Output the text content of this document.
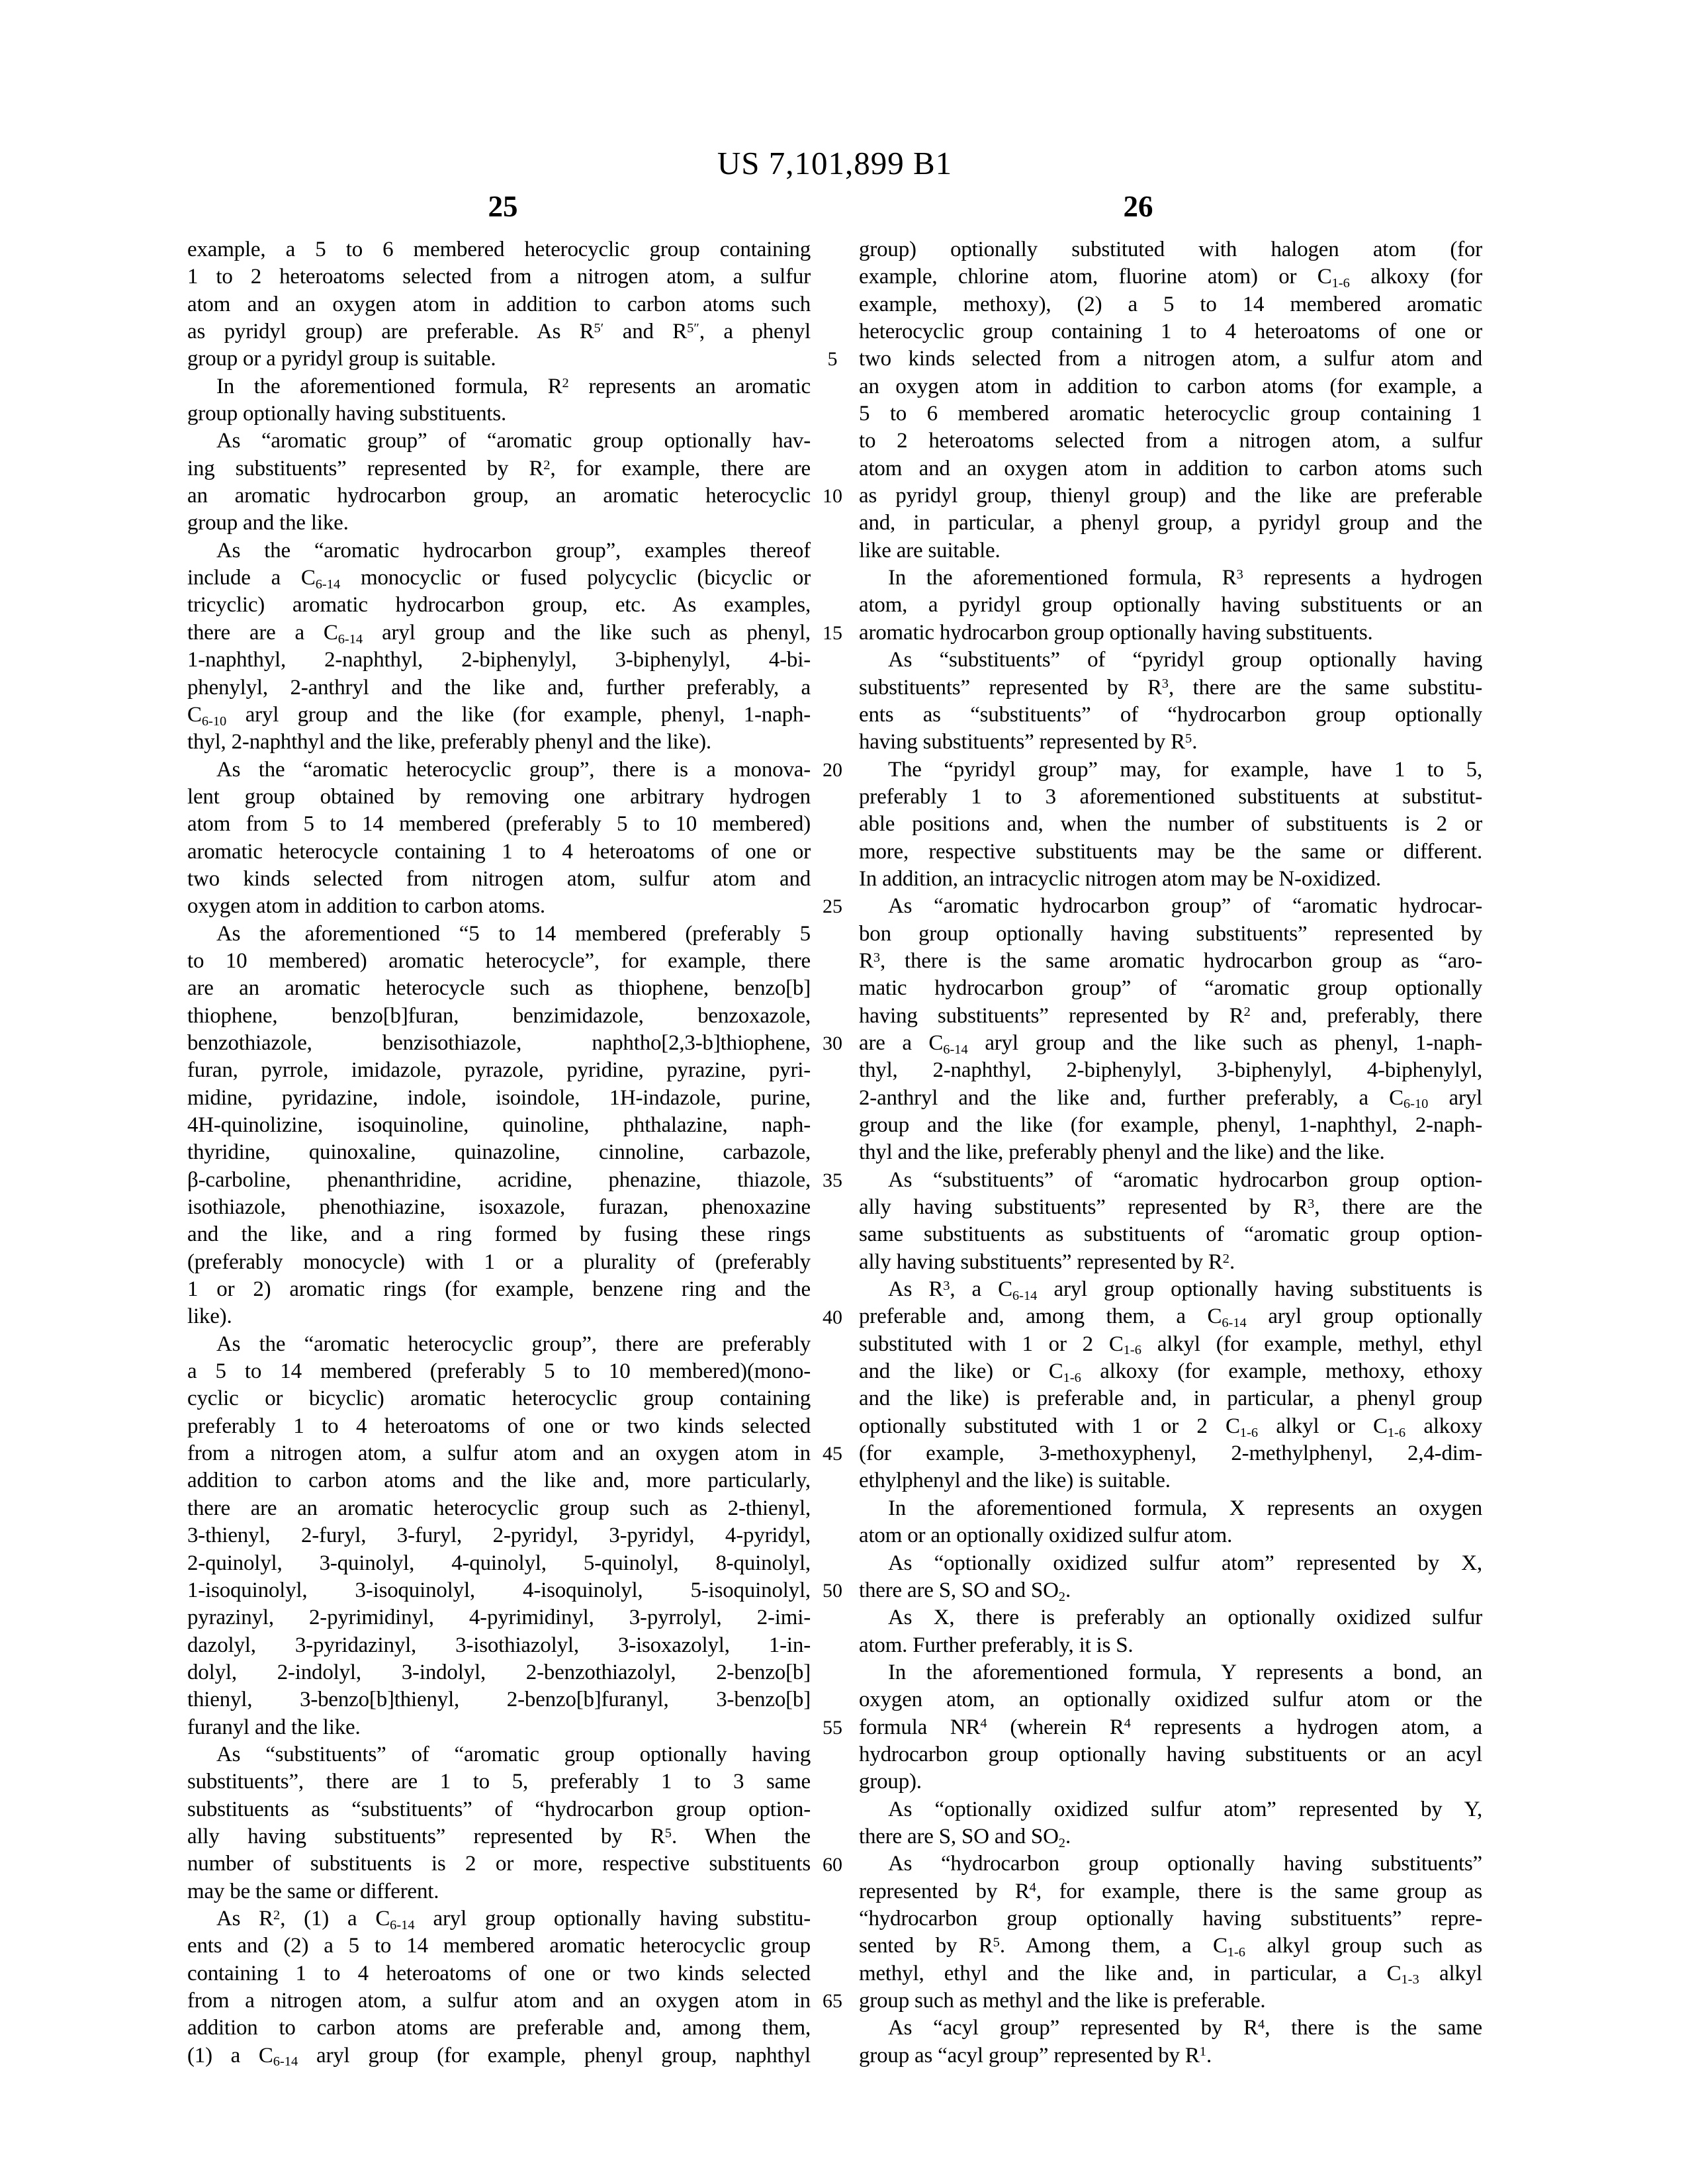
US 7,101,899 B1
25	26
example, a 5 to 6 membered heterocyclic group containing
1 to 2 heteroatoms selected from a nitrogen atom, a sulfur
atom and an oxygen atom in addition to carbon atoms such
as pyridyl group) are preferable. As $R^{5'}$ and $R^{5''}$, a phenyl
group or a pyridyl group is suitable.
In the aforementioned formula, $R^2$ represents an aromatic
group optionally having substituents.
As “aromatic group” of “aromatic group optionally hav-
ing substituents” represented by $R^2$, for example, there are
an aromatic hydrocarbon group, an aromatic heterocyclic
group and the like.
As the “aromatic hydrocarbon group”, examples thereof
include a $C_{6-14}$ monocyclic or fused polycyclic (bicyclic or
tricyclic) aromatic hydrocarbon group, etc. As examples,
there are a $C_{6-14}$ aryl group and the like such as phenyl,
1-naphthyl, 2-naphthyl, 2-biphenylyl, 3-biphenylyl, 4-bi-
phenylyl, 2-anthryl and the like and, further preferably, a
$C_{6-10}$ aryl group and the like (for example, phenyl, 1-naph-
thyl, 2-naphthyl and the like, preferably phenyl and the like).
As the “aromatic heterocyclic group”, there is a monova-
lent group obtained by removing one arbitrary hydrogen
atom from 5 to 14 membered (preferably 5 to 10 membered)
aromatic heterocycle containing 1 to 4 heteroatoms of one or
two kinds selected from nitrogen atom, sulfur atom and
oxygen atom in addition to carbon atoms.
As the aforementioned “5 to 14 membered (preferably 5
to 10 membered) aromatic heterocycle”, for example, there
are an aromatic heterocycle such as thiophene, benzo[b]
thiophene, benzo[b]furan, benzimidazole, benzoxazole,
benzothiazole, benzisothiazole, naphtho[2,3-b]thiophene,
furan, pyrrole, imidazole, pyrazole, pyridine, pyrazine, pyri-
midine, pyridazine, indole, isoindole, 1H-indazole, purine,
4H-quinolizine, isoquinoline, quinoline, phthalazine, naph-
thyridine, quinoxaline, quinazoline, cinnoline, carbazole,
β-carboline, phenanthridine, acridine, phenazine, thiazole,
isothiazole, phenothiazine, isoxazole, furazan, phenoxazine
and the like, and a ring formed by fusing these rings
(preferably monocycle) with 1 or a plurality of (preferably
1 or 2) aromatic rings (for example, benzene ring and the
like).
As the “aromatic heterocyclic group”, there are preferably
a 5 to 14 membered (preferably 5 to 10 membered)(mono-
cyclic or bicyclic) aromatic heterocyclic group containing
preferably 1 to 4 heteroatoms of one or two kinds selected
from a nitrogen atom, a sulfur atom and an oxygen atom in
addition to carbon atoms and the like and, more particularly,
there are an aromatic heterocyclic group such as 2-thienyl,
3-thienyl, 2-furyl, 3-furyl, 2-pyridyl, 3-pyridyl, 4-pyridyl,
2-quinolyl, 3-quinolyl, 4-quinolyl, 5-quinolyl, 8-quinolyl,
1-isoquinolyl, 3-isoquinolyl, 4-isoquinolyl, 5-isoquinolyl,
pyrazinyl, 2-pyrimidinyl, 4-pyrimidinyl, 3-pyrrolyl, 2-imi-
dazolyl, 3-pyridazinyl, 3-isothiazolyl, 3-isoxazolyl, 1-in-
dolyl, 2-indolyl, 3-indolyl, 2-benzothiazolyl, 2-benzo[b]
thienyl, 3-benzo[b]thienyl, 2-benzo[b]furanyl, 3-benzo[b]
furanyl and the like.
As “substituents” of “aromatic group optionally having
substituents”, there are 1 to 5, preferably 1 to 3 same
substituents as “substituents” of “hydrocarbon group option-
ally having substituents” represented by $R^5$. When the
number of substituents is 2 or more, respective substituents
may be the same or different.
As $R^2$, (1) a $C_{6-14}$ aryl group optionally having substitu-
ents and (2) a 5 to 14 membered aromatic heterocyclic group
containing 1 to 4 heteroatoms of one or two kinds selected
from a nitrogen atom, a sulfur atom and an oxygen atom in
addition to carbon atoms are preferable and, among them,
(1) a $C_{6-14}$ aryl group (for example, phenyl group, naphthyl
5
10
15
20
25
30
35
40
45
50
55
60
65
group) optionally substituted with halogen atom (for
example, chlorine atom, fluorine atom) or $C_{1-6}$ alkoxy (for
example, methoxy), (2) a 5 to 14 membered aromatic
heterocyclic group containing 1 to 4 heteroatoms of one or
two kinds selected from a nitrogen atom, a sulfur atom and
an oxygen atom in addition to carbon atoms (for example, a
5 to 6 membered aromatic heterocyclic group containing 1
to 2 heteroatoms selected from a nitrogen atom, a sulfur
atom and an oxygen atom in addition to carbon atoms such
as pyridyl group, thienyl group) and the like are preferable
and, in particular, a phenyl group, a pyridyl group and the
like are suitable.
In the aforementioned formula, $R^3$ represents a hydrogen
atom, a pyridyl group optionally having substituents or an
aromatic hydrocarbon group optionally having substituents.
As “substituents” of “pyridyl group optionally having
substituents” represented by $R^3$, there are the same substitu-
ents as “substituents” of “hydrocarbon group optionally
having substituents” represented by $R^5$.
The “pyridyl group” may, for example, have 1 to 5,
preferably 1 to 3 aforementioned substituents at substitut-
able positions and, when the number of substituents is 2 or
more, respective substituents may be the same or different.
In addition, an intracyclic nitrogen atom may be N-oxidized.
As “aromatic hydrocarbon group” of “aromatic hydrocar-
bon group optionally having substituents” represented by
$R^3$, there is the same aromatic hydrocarbon group as “aro-
matic hydrocarbon group” of “aromatic group optionally
having substituents” represented by $R^2$ and, preferably, there
are a $C_{6-14}$ aryl group and the like such as phenyl, 1-naph-
thyl, 2-naphthyl, 2-biphenylyl, 3-biphenylyl, 4-biphenylyl,
2-anthryl and the like and, further preferably, a $C_{6-10}$ aryl
group and the like (for example, phenyl, 1-naphthyl, 2-naph-
thyl and the like, preferably phenyl and the like) and the like.
As “substituents” of “aromatic hydrocarbon group option-
ally having substituents” represented by $R^3$, there are the
same substituents as substituents of “aromatic group option-
ally having substituents” represented by $R^2$.
As $R^3$, a $C_{6-14}$ aryl group optionally having substituents is
preferable and, among them, a $C_{6-14}$ aryl group optionally
substituted with 1 or 2 $C_{1-6}$ alkyl (for example, methyl, ethyl
and the like) or $C_{1-6}$ alkoxy (for example, methoxy, ethoxy
and the like) is preferable and, in particular, a phenyl group
optionally substituted with 1 or 2 $C_{1-6}$ alkyl or $C_{1-6}$ alkoxy
(for example, 3-methoxyphenyl, 2-methylphenyl, 2,4-dim-
ethylphenyl and the like) is suitable.
In the aforementioned formula, X represents an oxygen
atom or an optionally oxidized sulfur atom.
As “optionally oxidized sulfur atom” represented by X,
there are S, SO and $SO_2$.
As X, there is preferably an optionally oxidized sulfur
atom. Further preferably, it is S.
In the aforementioned formula, Y represents a bond, an
oxygen atom, an optionally oxidized sulfur atom or the
formula $NR^4$ (wherein $R^4$ represents a hydrogen atom, a
hydrocarbon group optionally having substituents or an acyl
group).
As “optionally oxidized sulfur atom” represented by Y,
there are S, SO and $SO_2$.
As “hydrocarbon group optionally having substituents”
represented by $R^4$, for example, there is the same group as
“hydrocarbon group optionally having substituents” repre-
sented by $R^5$. Among them, a $C_{1-6}$ alkyl group such as
methyl, ethyl and the like and, in particular, a $C_{1-3}$ alkyl
group such as methyl and the like is preferable.
As “acyl group” represented by $R^4$, there is the same
group as “acyl group” represented by $R^1$.
